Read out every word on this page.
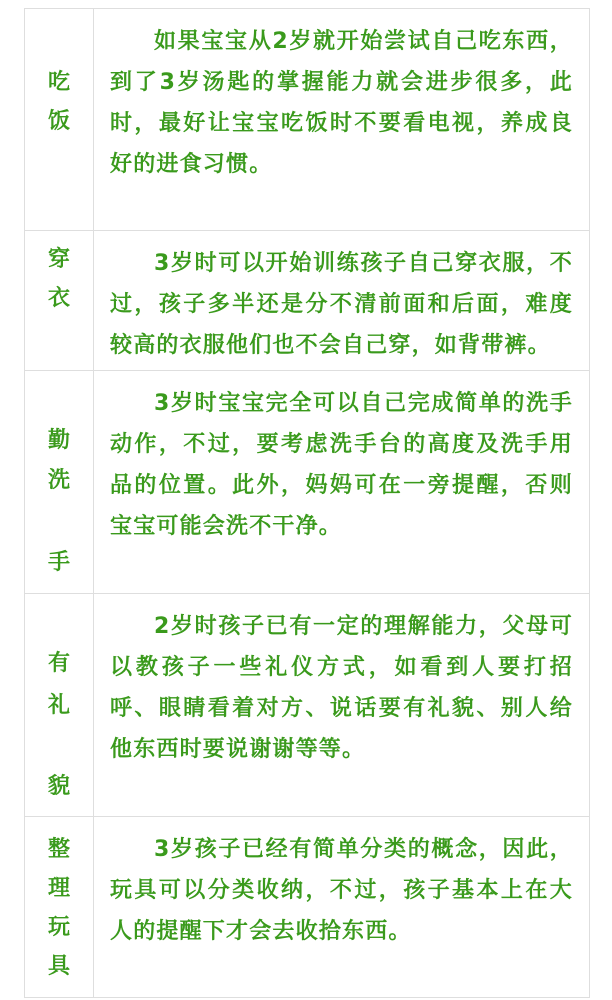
吃
饭

如果宝宝从2岁就开始尝试自己吃东西，到了3岁汤匙的掌握能力就会进步很多，此时，最好让宝宝吃饭时不要看电视，养成良好的进食习惯。

穿
衣

3岁时可以开始训练孩子自己穿衣服，不过，孩子多半还是分不清前面和后面，难度较高的衣服他们也不会自己穿，如背带裤。

勤
洗
手

3岁时宝宝完全可以自己完成简单的洗手动作，不过，要考虑洗手台的高度及洗手用品的位置。此外，妈妈可在一旁提醒，否则宝宝可能会洗不干净。

有
礼
貌

2岁时孩子已有一定的理解能力，父母可以教孩子一些礼仪方式，如看到人要打招呼、眼睛看着对方、说话要有礼貌、别人给他东西时要说谢谢等等。

整
理
玩
具

3岁孩子已经有简单分类的概念，因此，玩具可以分类收纳，不过，孩子基本上在大人的提醒下才会去收拾东西。
